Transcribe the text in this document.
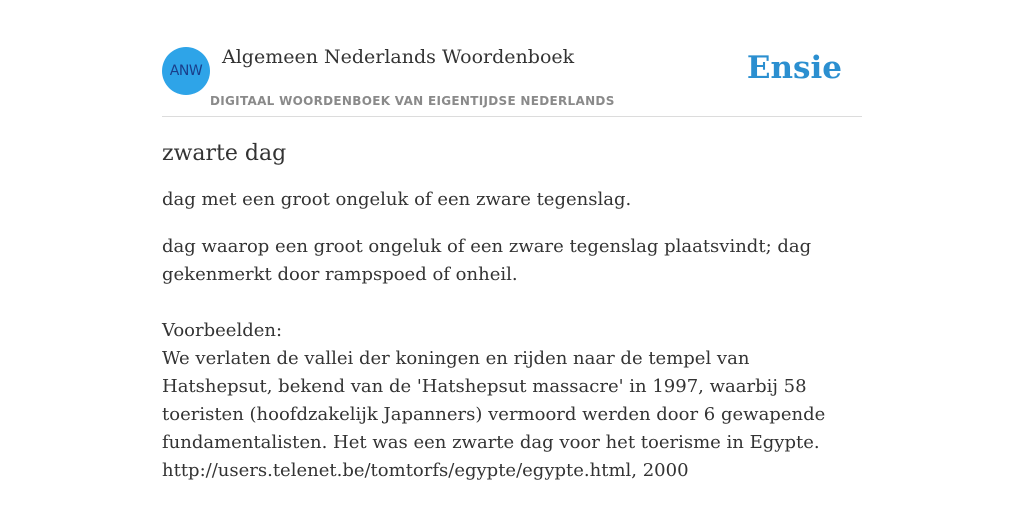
ANW
Algemeen Nederlands Woordenboek
DIGITAAL WOORDENBOEK VAN EIGENTIJDSE NEDERLANDS
Ensie
zwarte dag

dag met een groot ongeluk of een zware tegenslag.

dag waarop een groot ongeluk of een zware tegenslag plaatsvindt; dag gekenmerkt door rampspoed of onheil.

Voorbeelden:
We verlaten de vallei der koningen en rijden naar de tempel van Hatshepsut, bekend van de 'Hatshepsut massacre' in 1997, waarbij 58 toeristen (hoofdzakelijk Japanners) vermoord werden door 6 gewapende fundamentalisten. Het was een zwarte dag voor het toerisme in Egypte.
http://users.telenet.be/tomtorfs/egypte/egypte.html, 2000
